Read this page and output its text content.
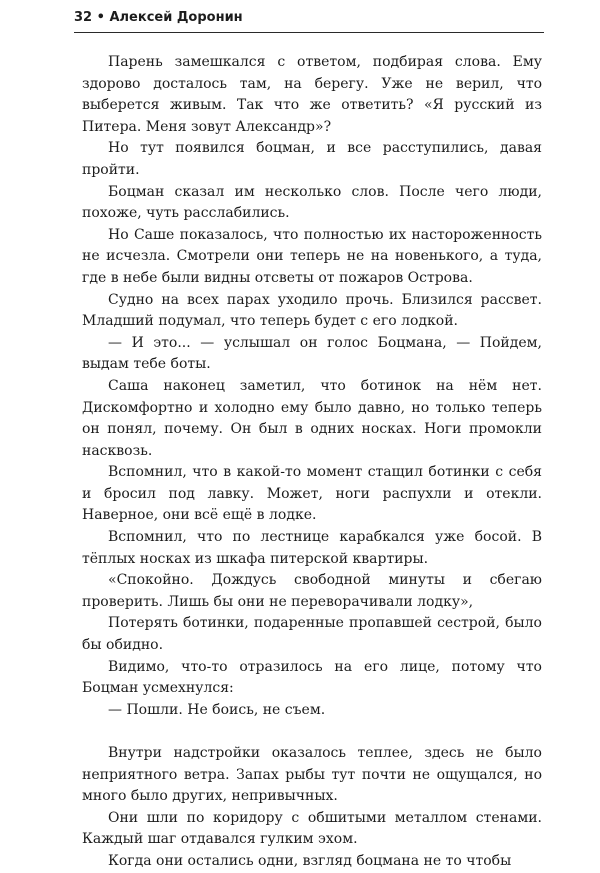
32 • Алексей Доронин

Парень замешкался с ответом, подбирая слова. Ему здорово досталось там, на берегу. Уже не верил, что выберется живым. Так что же ответить? «Я русский из Питера. Меня зовут Александр»?

Но тут появился боцман, и все расступились, давая пройти.

Боцман сказал им несколько слов. После чего люди, похоже, чуть расслабились.

Но Саше показалось, что полностью их настороженность не исчезла. Смотрели они теперь не на новенького, а туда, где в небе были видны отсветы от пожаров Острова.

Судно на всех парах уходило прочь. Близился рассвет. Младший подумал, что теперь будет с его лодкой.

— И это... — услышал он голос Боцмана, — Пойдем, выдам тебе боты.

Саша наконец заметил, что ботинок на нём нет. Дискомфортно и холодно ему было давно, но только теперь он понял, почему. Он был в одних носках. Ноги промокли насквозь.

Вспомнил, что в какой-то момент стащил ботинки с себя и бросил под лавку. Может, ноги распухли и отекли. Наверное, они всё ещё в лодке.

Вспомнил, что по лестнице карабкался уже босой. В тёплых носках из шкафа питерской квартиры.

«Спокойно. Дождусь свободной минуты и сбегаю проверить. Лишь бы они не переворачивали лодку»,

Потерять ботинки, подаренные пропавшей сестрой, было бы обидно.

Видимо, что-то отразилось на его лице, потому что Боцман усмехнулся:

— Пошли. Не боись, не съем.

Внутри надстройки оказалось теплее, здесь не было неприятного ветра. Запах рыбы тут почти не ощущался, но много было других, непривычных.

Они шли по коридору с обшитыми металлом стенами. Каждый шаг отдавался гулким эхом.

Когда они остались одни, взгляд боцмана не то чтобы
